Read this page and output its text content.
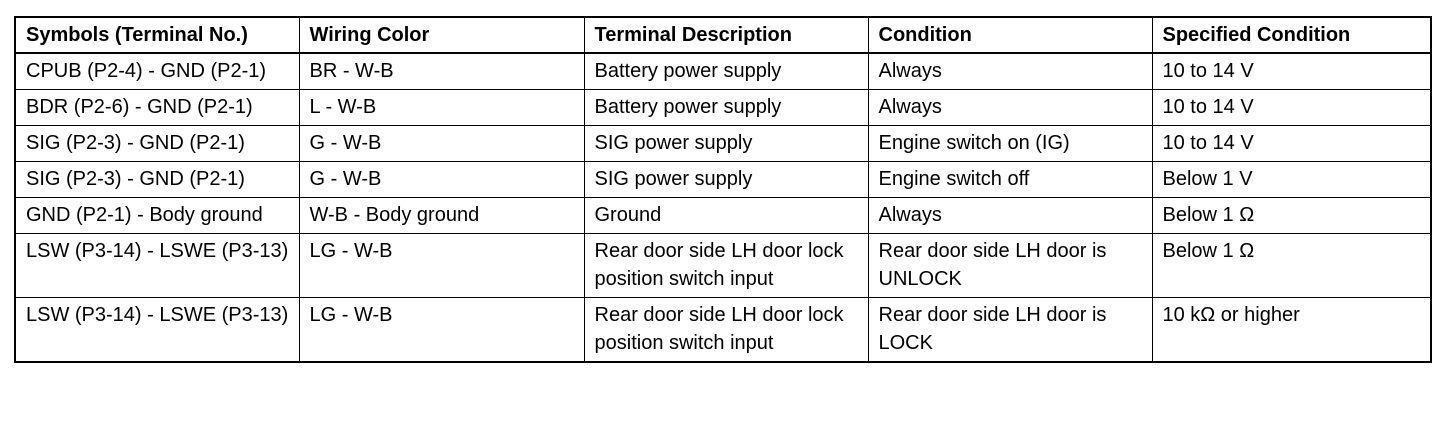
Symbols (Terminal No.)	Wiring Color	Terminal Description	Condition	Specified Condition
CPUB (P2-4) - GND (P2-1)	BR - W-B	Battery power supply	Always	10 to 14 V
BDR (P2-6) - GND (P2-1)	L - W-B	Battery power supply	Always	10 to 14 V
SIG (P2-3) - GND (P2-1)	G - W-B	SIG power supply	Engine switch on (IG)	10 to 14 V
SIG (P2-3) - GND (P2-1)	G - W-B	SIG power supply	Engine switch off	Below 1 V
GND (P2-1) - Body ground	W-B - Body ground	Ground	Always	Below 1 Ω
LSW (P3-14) - LSWE (P3-13)	LG - W-B	Rear door side LH door lock position switch input	Rear door side LH door is UNLOCK	Below 1 Ω
LSW (P3-14) - LSWE (P3-13)	LG - W-B	Rear door side LH door lock position switch input	Rear door side LH door is LOCK	10 kΩ or higher
